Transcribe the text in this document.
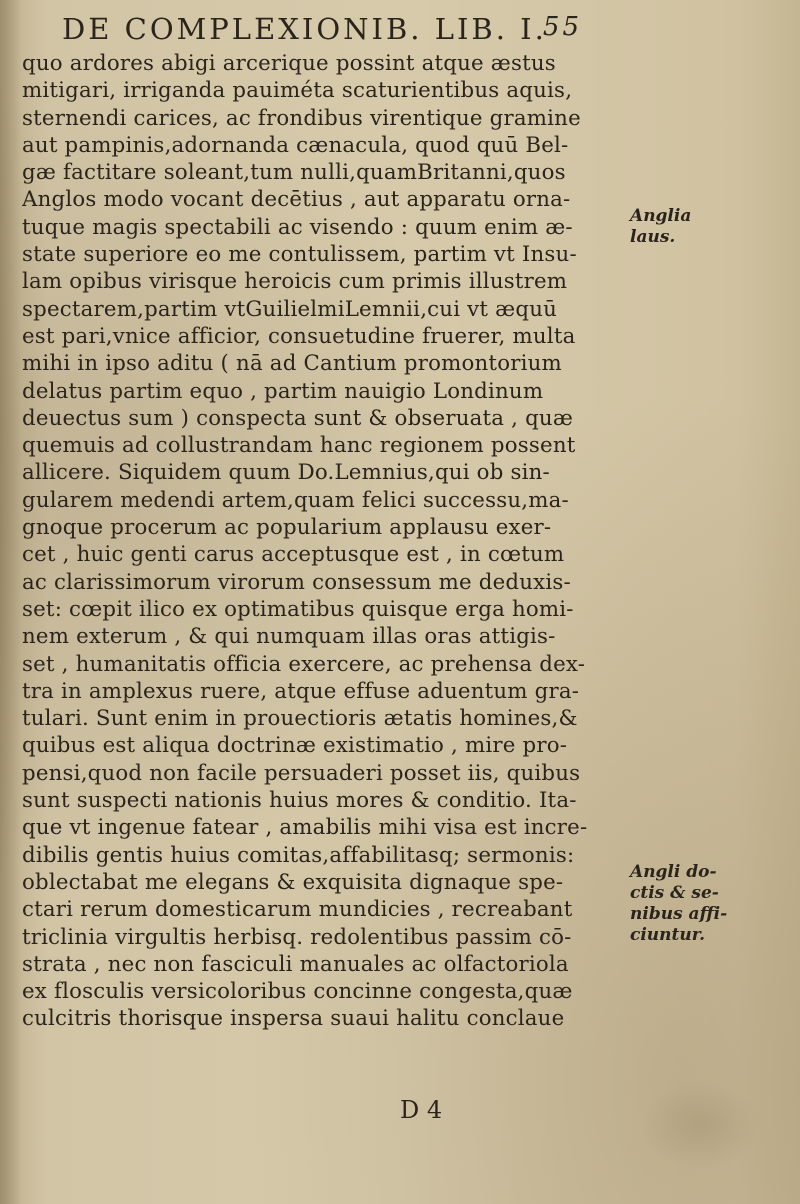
DE COMPLEXIONIB. LIB. I.
55
quo ardores abigi arcerique possint atque æstus
mitigari, irriganda pauiméta scaturientibus aquis,
sternendi carices, ac frondibus virentique gramine
aut pampinis,adornanda cænacula, quod quū Bel-
gæ factitare soleant,tum nulli,quamBritanni,quos
Anglos modo vocant decētius , aut apparatu orna-
tuque magis spectabili ac visendo : quum enim æ-
state superiore eo me contulissem, partim vt Insu-
lam opibus virisque heroicis cum primis illustrem
spectarem,partim vtGuilielmiLemnii,cui vt æquū
est pari,vnice afficior, consuetudine fruerer, multa
mihi in ipso aditu ( nā ad Cantium promontorium
delatus partim equo , partim nauigio Londinum
deuectus sum ) conspecta sunt & obseruata , quæ
quemuis ad collustrandam hanc regionem possent
allicere. Siquidem quum Do.Lemnius,qui ob sin-
gularem medendi artem,quam felici successu,ma-
gnoque procerum ac popularium applausu exer-
cet , huic genti carus acceptusque est , in cœtum
ac clarissimorum virorum consessum me deduxis-
set: cœpit ilico ex optimatibus quisque erga homi-
nem exterum , & qui numquam illas oras attigis-
set , humanitatis officia exercere, ac prehensa dex-
tra in amplexus ruere, atque effuse aduentum gra-
tulari. Sunt enim in prouectioris ætatis homines,&
quibus est aliqua doctrinæ existimatio , mire pro-
pensi,quod non facile persuaderi posset iis, quibus
sunt suspecti nationis huius mores & conditio. Ita-
que vt ingenue fatear , amabilis mihi visa est incre-
dibilis gentis huius comitas,affabilitasq; sermonis:
oblectabat me elegans & exquisita dignaque spe-
ctari rerum domesticarum mundicies , recreabant
triclinia virgultis herbisq. redolentibus passim cō-
strata , nec non fasciculi manuales ac olfactoriola
ex flosculis versicoloribus concinne congesta,quæ
culcitris thorisque inspersa suaui halitu conclaue
Anglia
laus.
Angli do-
ctis & se-
nibus affi-
ciuntur.
D 4
